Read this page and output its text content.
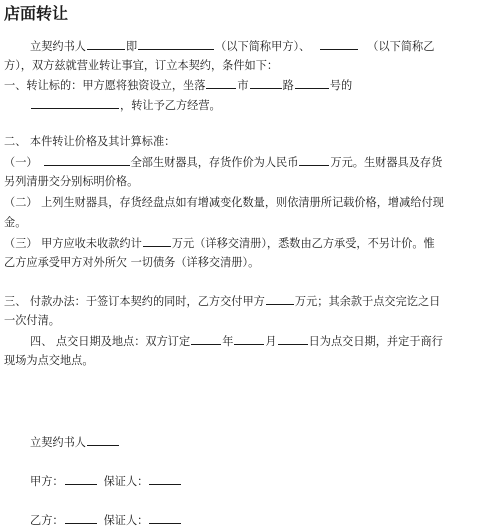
店面转让
立契约书人	即	（以下简称甲方）、	（以下简称乙
方），双方兹就营业转让事宜，订立本契约，条件如下：
一、转让标的：甲方愿将独资设立，坐落	市	路	号的
，转让予乙方经营。
二、 本件转让价格及其计算标准：
（一）	全部生财器具，存货作价为人民币	万元。生财器具及存货
另列清册交分别标明价格。
（二） 上列生财器具，存货经盘点如有增减变化数量，则依清册所记载价格，增减给付现
金。
（三） 甲方应收未收款约计	万元（详移交清册），悉数由乙方承受，不另计价。惟
乙方应承受甲方对外所欠 一切债务（详移交清册）。
三、 付款办法：于签订本契约的同时，乙方交付甲方	万元；其余款于点交完讫之日
一次付清。
四、 点交日期及地点：双方订定	年	月	日为点交日期，并定于商行
现场为点交地点。
立契约书人
甲方：	保证人：
乙方：	保证人：
